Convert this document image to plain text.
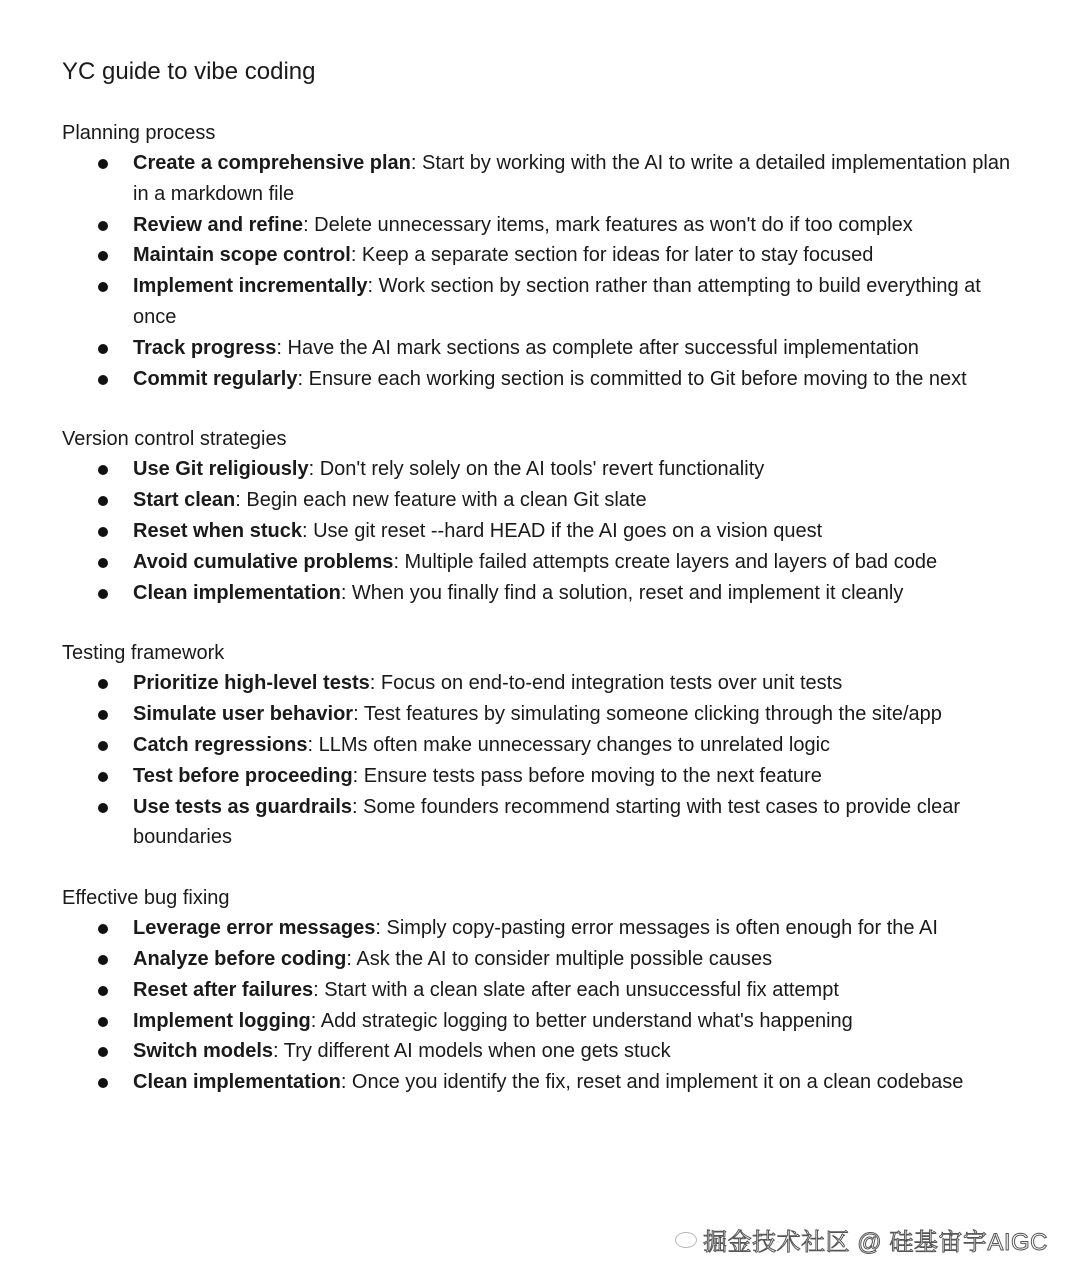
YC guide to vibe coding
Planning process
Create a comprehensive plan: Start by working with the AI to write a detailed implementation plan in a markdown file
Review and refine: Delete unnecessary items, mark features as won't do if too complex
Maintain scope control: Keep a separate section for ideas for later to stay focused
Implement incrementally: Work section by section rather than attempting to build everything at once
Track progress: Have the AI mark sections as complete after successful implementation
Commit regularly: Ensure each working section is committed to Git before moving to the next
Version control strategies
Use Git religiously: Don't rely solely on the AI tools' revert functionality
Start clean: Begin each new feature with a clean Git slate
Reset when stuck: Use git reset --hard HEAD if the AI goes on a vision quest
Avoid cumulative problems: Multiple failed attempts create layers and layers of bad code
Clean implementation: When you finally find a solution, reset and implement it cleanly
Testing framework
Prioritize high-level tests: Focus on end-to-end integration tests over unit tests
Simulate user behavior: Test features by simulating someone clicking through the site/app
Catch regressions: LLMs often make unnecessary changes to unrelated logic
Test before proceeding: Ensure tests pass before moving to the next feature
Use tests as guardrails: Some founders recommend starting with test cases to provide clear boundaries
Effective bug fixing
Leverage error messages: Simply copy-pasting error messages is often enough for the AI
Analyze before coding: Ask the AI to consider multiple possible causes
Reset after failures: Start with a clean slate after each unsuccessful fix attempt
Implement logging: Add strategic logging to better understand what's happening
Switch models: Try different AI models when one gets stuck
Clean implementation: Once you identify the fix, reset and implement it on a clean codebase
掘金技术社区 @ 硅基宙宇AIGC
